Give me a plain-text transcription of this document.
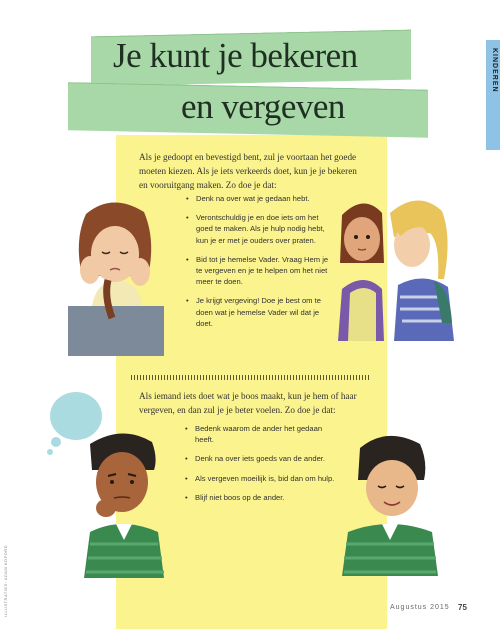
KINDEREN
Je kunt je bekeren
en vergeven

Als je gedoopt en bevestigd bent, zul je voortaan het goede moeten kiezen. Als je iets verkeerds doet, kun je je bekeren en vooruitgang maken. Zo doe je dat:

• Denk na over wat je gedaan hebt.
• Verontschuldig je en doe iets om het goed te maken. Als je hulp nodig hebt, kun je er met je ouders over praten.
• Bid tot je hemelse Vader. Vraag Hem je te vergeven en je te helpen om het niet meer te doen.
• Je krijgt vergeving! Doe je best om te doen wat je hemelse Vader wil dat je doet.

Als iemand iets doet wat je boos maakt, kun je hem of haar vergeven, en dan zul je je beter voelen. Zo doe je dat:

• Bedenk waarom de ander het gedaan heeft.
• Denk na over iets goeds van de ander.
• Als vergeven moeilijk is, bid dan om hulp.
• Blijf niet boos op de ander.
ILLUSTRATIES: ADAM KOFORD	Augustus 2015 75
